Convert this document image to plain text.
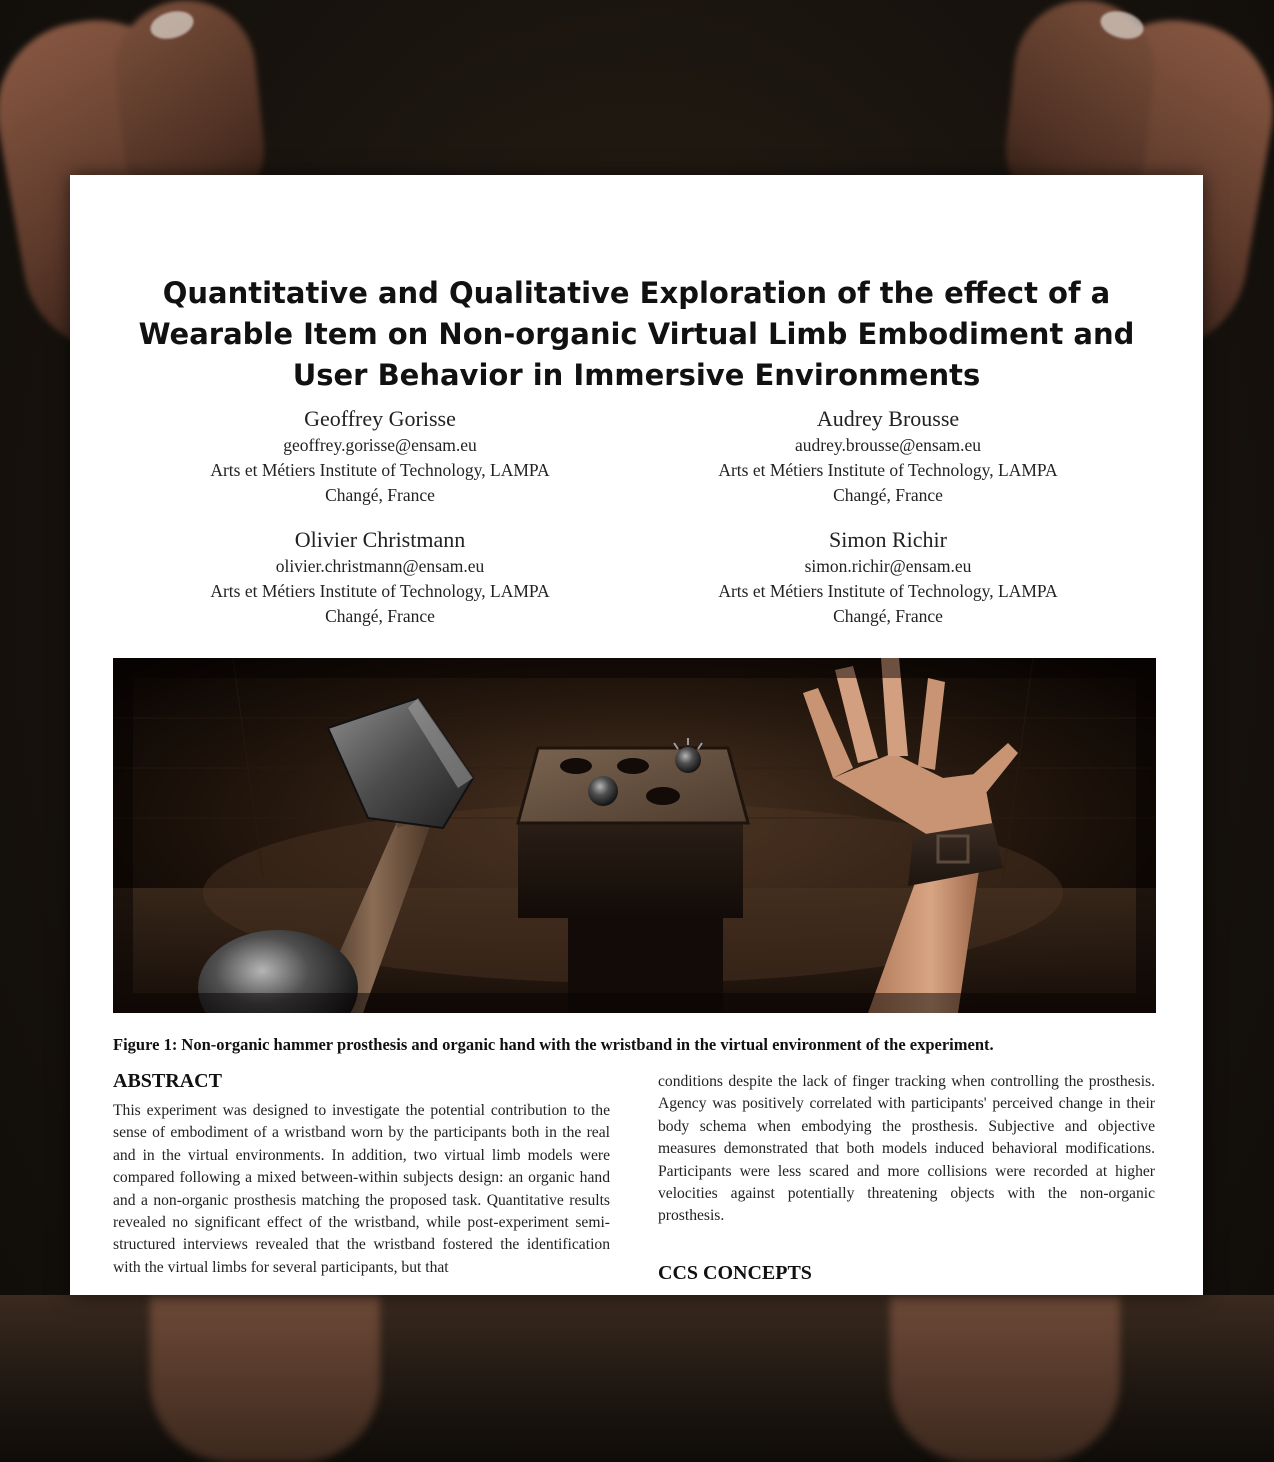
Quantitative and Qualitative Exploration of the effect of a
Wearable Item on Non-organic Virtual Limb Embodiment and
User Behavior in Immersive Environments
Geoffrey Gorisse
geoffrey.gorisse@ensam.eu
Arts et Métiers Institute of Technology, LAMPA
Changé, France
Audrey Brousse
audrey.brousse@ensam.eu
Arts et Métiers Institute of Technology, LAMPA
Changé, France
Olivier Christmann
olivier.christmann@ensam.eu
Arts et Métiers Institute of Technology, LAMPA
Changé, France
Simon Richir
simon.richir@ensam.eu
Arts et Métiers Institute of Technology, LAMPA
Changé, France

Figure 1: Non-organic hammer prosthesis and organic hand with the wristband in the virtual environment of the experiment.

ABSTRACT

This experiment was designed to investigate the potential contribution to the sense of embodiment of a wristband worn by the participants both in the real and in the virtual environments. In addition, two virtual limb models were compared following a mixed between-within subjects design: an organic hand and a non-organic prosthesis matching the proposed task. Quantitative results revealed no significant effect of the wristband, while post-experiment semi-structured interviews revealed that the wristband fostered the identification with the virtual limbs for several participants, but that

conditions despite the lack of finger tracking when controlling the prosthesis. Agency was positively correlated with participants' perceived change in their body schema when embodying the prosthesis. Subjective and objective measures demonstrated that both models induced behavioral modifications. Participants were less scared and more collisions were recorded at higher velocities against potentially threatening objects with the non-organic prosthesis.

CCS CONCEPTS
